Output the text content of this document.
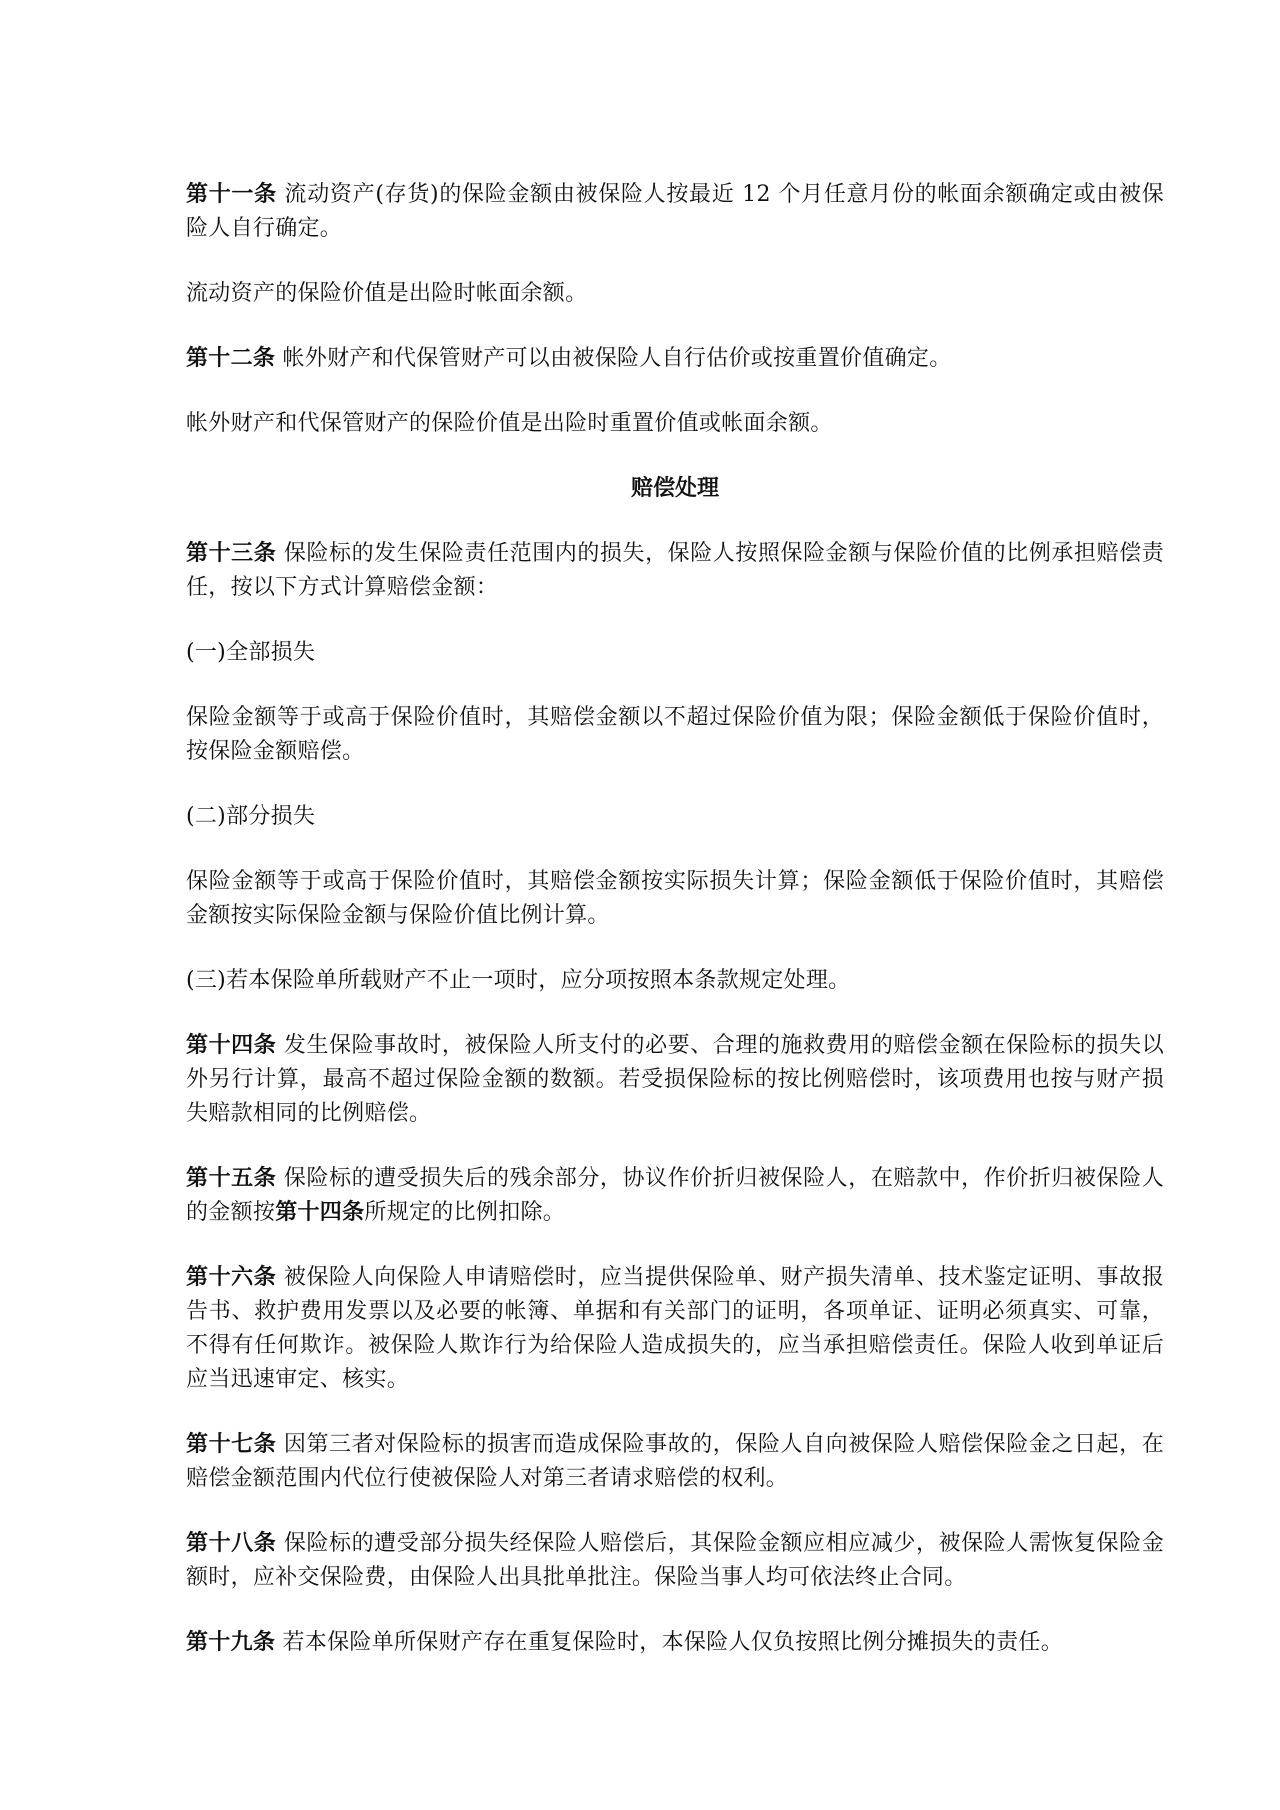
第十一条 流动资产(存货)的保险金额由被保险人按最近 12 个月任意月份的帐面余额确定或由被保险人自行确定。

流动资产的保险价值是出险时帐面余额。

第十二条 帐外财产和代保管财产可以由被保险人自行估价或按重置价值确定。

帐外财产和代保管财产的保险价值是出险时重置价值或帐面余额。

赔偿处理

第十三条 保险标的发生保险责任范围内的损失，保险人按照保险金额与保险价值的比例承担赔偿责任，按以下方式计算赔偿金额：

(一)全部损失

保险金额等于或高于保险价值时，其赔偿金额以不超过保险价值为限；保险金额低于保险价值时，按保险金额赔偿。

(二)部分损失

保险金额等于或高于保险价值时，其赔偿金额按实际损失计算；保险金额低于保险价值时，其赔偿金额按实际保险金额与保险价值比例计算。

(三)若本保险单所载财产不止一项时，应分项按照本条款规定处理。

第十四条 发生保险事故时，被保险人所支付的必要、合理的施救费用的赔偿金额在保险标的损失以外另行计算，最高不超过保险金额的数额。若受损保险标的按比例赔偿时，该项费用也按与财产损失赔款相同的比例赔偿。

第十五条 保险标的遭受损失后的残余部分，协议作价折归被保险人，在赔款中，作价折归被保险人的金额按第十四条所规定的比例扣除。

第十六条 被保险人向保险人申请赔偿时，应当提供保险单、财产损失清单、技术鉴定证明、事故报告书、救护费用发票以及必要的帐簿、单据和有关部门的证明，各项单证、证明必须真实、可靠，不得有任何欺诈。被保险人欺诈行为给保险人造成损失的，应当承担赔偿责任。保险人收到单证后应当迅速审定、核实。

第十七条 因第三者对保险标的损害而造成保险事故的，保险人自向被保险人赔偿保险金之日起，在赔偿金额范围内代位行使被保险人对第三者请求赔偿的权利。

第十八条 保险标的遭受部分损失经保险人赔偿后，其保险金额应相应减少，被保险人需恢复保险金额时，应补交保险费，由保险人出具批单批注。保险当事人均可依法终止合同。

第十九条 若本保险单所保财产存在重复保险时，本保险人仅负按照比例分摊损失的责任。
